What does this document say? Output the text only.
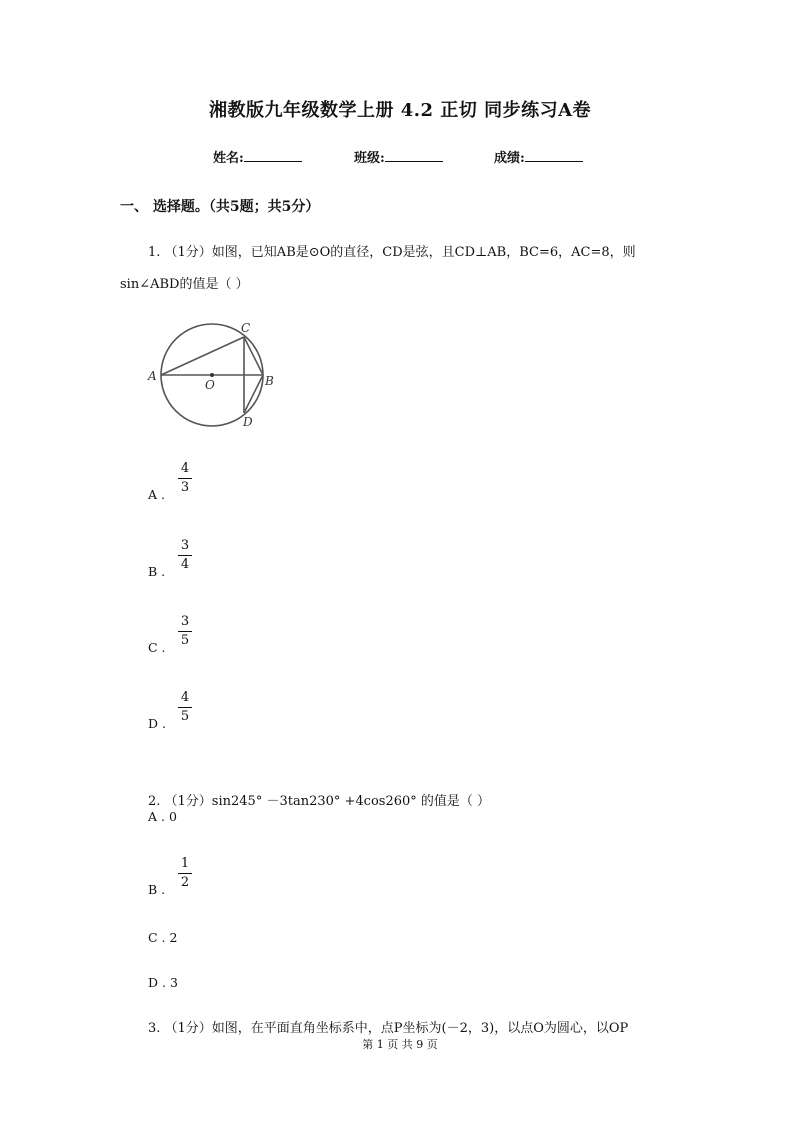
湘教版九年级数学上册 4.2 正切 同步练习A卷
姓名:	班级:	成绩:
一、 选择题。（共5题；共5分）
1. （1分）如图，已知AB是⊙O的直径，CD是弦，且CD⊥AB，BC=6，AC=8，则
sin∠ABD的值是（ ）
A
O	B
C
D
A .
4
3
B .
3
4
C .
3
5
D .
4
5
2. （1分）sin245° －3tan230° +4cos260° 的值是（ ）
A . 0
B .
1
2
C . 2
D . 3
3. （1分）如图，在平面直角坐标系中，点P坐标为(－2，3)，以点O为圆心，以OP
第 1 页 共 9 页
